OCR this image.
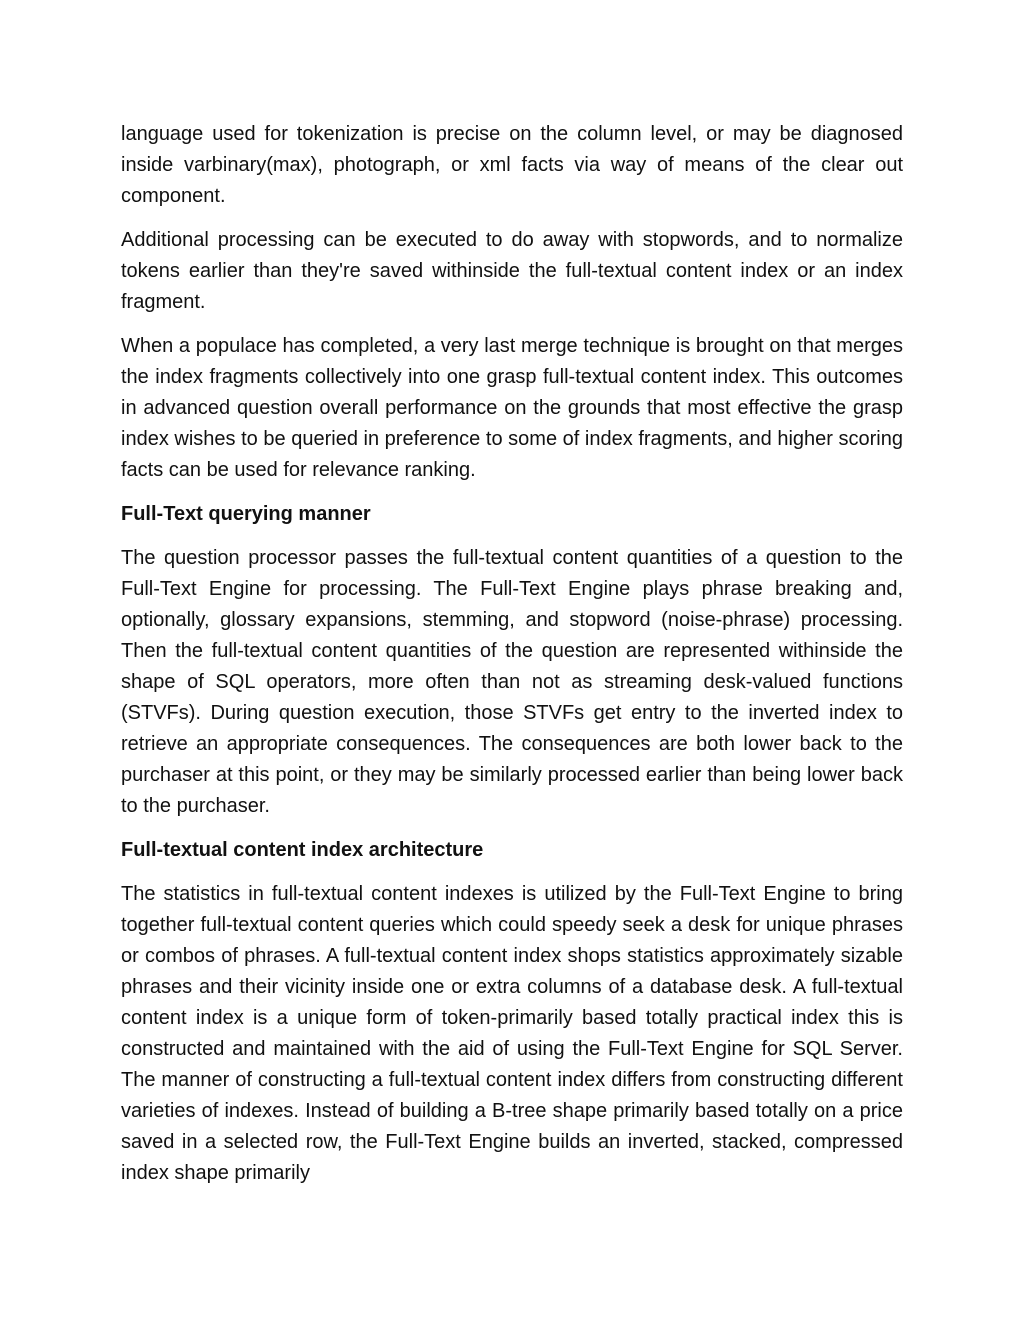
language used for tokenization is precise on the column level, or may be diagnosed inside varbinary(max), photograph, or xml facts via way of means of the clear out component.

Additional processing can be executed to do away with stopwords, and to normalize tokens earlier than they're saved withinside the full-textual content index or an index fragment.

When a populace has completed, a very last merge technique is brought on that merges the index fragments collectively into one grasp full-textual content index. This outcomes in advanced question overall performance on the grounds that most effective the grasp index wishes to be queried in preference to some of index fragments, and higher scoring facts can be used for relevance ranking.

Full-Text querying manner

The question processor passes the full-textual content quantities of a question to the Full-Text Engine for processing. The Full-Text Engine plays phrase breaking and, optionally, glossary expansions, stemming, and stopword (noise-phrase) processing. Then the full-textual content quantities of the question are represented withinside the shape of SQL operators, more often than not as streaming desk-valued functions (STVFs). During question execution, those STVFs get entry to the inverted index to retrieve an appropriate consequences. The consequences are both lower back to the purchaser at this point, or they may be similarly processed earlier than being lower back to the purchaser.

Full-textual content index architecture

The statistics in full-textual content indexes is utilized by the Full-Text Engine to bring together full-textual content queries which could speedy seek a desk for unique phrases or combos of phrases. A full-textual content index shops statistics approximately sizable phrases and their vicinity inside one or extra columns of a database desk. A full-textual content index is a unique form of token-primarily based totally practical index this is constructed and maintained with the aid of using the Full-Text Engine for SQL Server. The manner of constructing a full-textual content index differs from constructing different varieties of indexes. Instead of building a B-tree shape primarily based totally on a price saved in a selected row, the Full-Text Engine builds an inverted, stacked, compressed index shape primarily
